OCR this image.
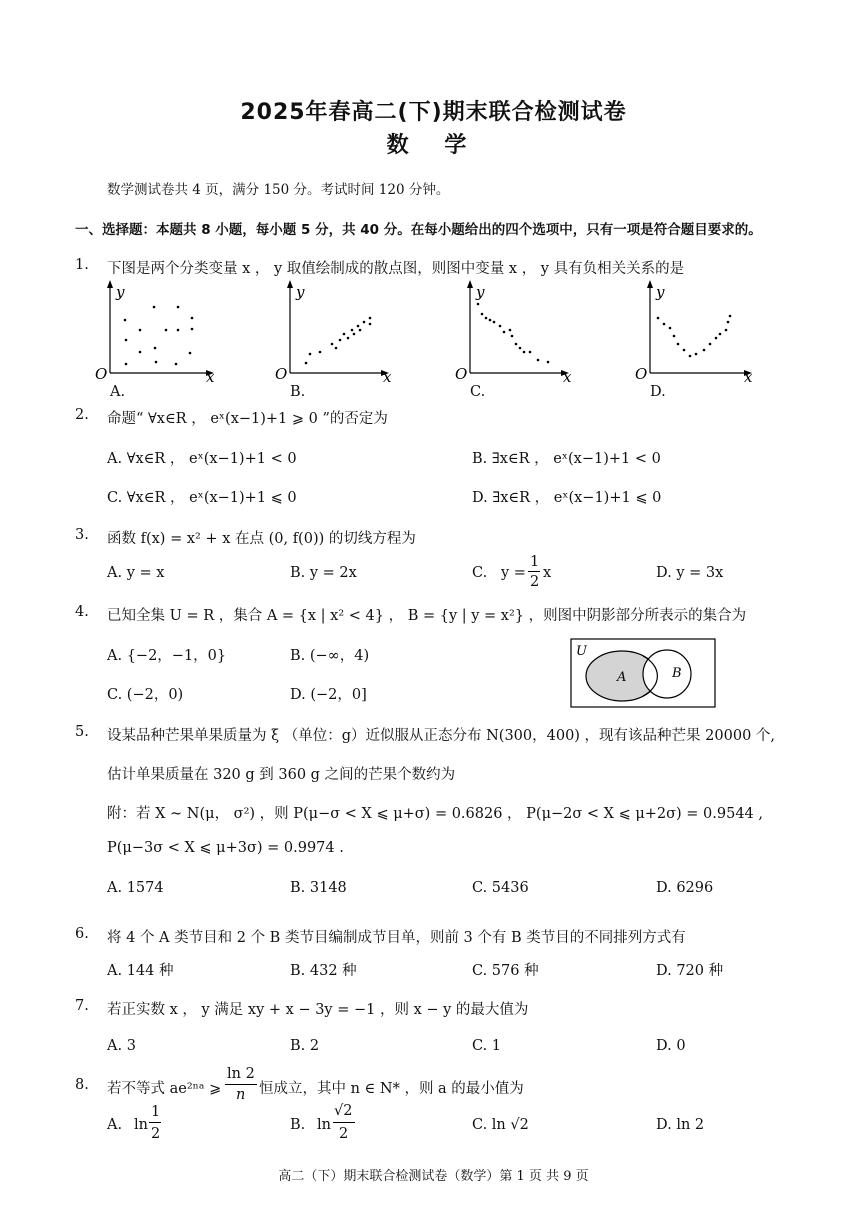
2025年春高二(下)期末联合检测试卷
数 学
数学测试卷共 4 页，满分 150 分。考试时间 120 分钟。
一、选择题：本题共 8 小题，每小题 5 分，共 40 分。在每小题给出的四个选项中，只有一项是符合题目要求的。
1. 下图是两个分类变量 x ， y 取值绘制成的散点图，则图中变量 x ， y 具有负相关关系的是
y
x
O
y
x
O
y
x
O
y
x
O
A.	B.	C.	D.
2. 命题“ ∀x∈R ， eˣ(x−1)+1 ⩾ 0 ”的否定为
A. ∀x∈R ， eˣ(x−1)+1 < 0	B. ∃x∈R ， eˣ(x−1)+1 < 0
C. ∀x∈R ， eˣ(x−1)+1 ⩽ 0	D. ∃x∈R ， eˣ(x−1)+1 ⩽ 0
3. 函数 f(x) = x² + x 在点 (0, f(0)) 的切线方程为
A. y = x	B. y = 2x	C. y =
1
2
x	D. y = 3x
4. 已知全集 U = R ，集合 A = {x | x² < 4} ， B = {y | y = x²} ，则图中阴影部分所表示的集合为
A. {−2，−1，0}	B. (−∞，4)
C. (−2，0)	D. (−2，0]
U
A	B
5. 设某品种芒果单果质量为 ξ （单位：g）近似服从正态分布 N(300，400) ，现有该品种芒果 20000 个,
估计单果质量在 320 g 到 360 g 之间的芒果个数约为
附：若 X ~ N(μ， σ²) ，则 P(μ−σ < X ⩽ μ+σ) = 0.6826 ， P(μ−2σ < X ⩽ μ+2σ) = 0.9544 ,
P(μ−3σ < X ⩽ μ+3σ) = 0.9974 .
A. 1574	B. 3148	C. 5436	D. 6296
6. 将 4 个 A 类节目和 2 个 B 类节目编制成节目单，则前 3 个有 B 类节目的不同排列方式有
A. 144 种	B. 432 种	C. 576 种	D. 720 种
7. 若正实数 x ， y 满足 xy + x − 3y = −1 ，则 x − y 的最大值为
A. 3	B. 2	C. 1	D. 0
8. 若不等式 ae²ⁿᵃ ⩾
ln 2
n 恒成立，其中 n ∈ N* ，则 a 的最小值为
A. ln
1
2
B. ln
√2
2
C. ln √2	D. ln 2
高二（下）期末联合检测试卷（数学）第 1 页 共 9 页
